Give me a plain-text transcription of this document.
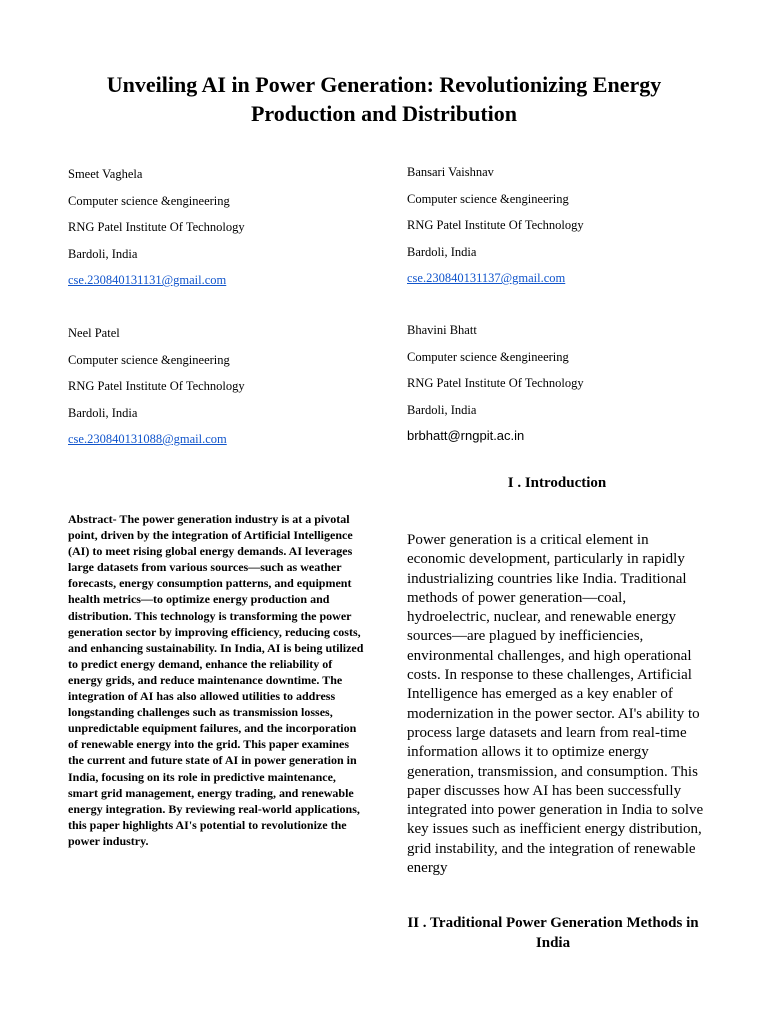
Unveiling AI in Power Generation: Revolutionizing Energy Production and Distribution
Smeet Vaghela
Computer science &engineering
RNG Patel Institute Of Technology
Bardoli, India
cse.230840131131@gmail.com
Bansari Vaishnav
Computer science &engineering
RNG Patel Institute Of Technology
Bardoli, India
cse.230840131137@gmail.com
Neel Patel
Computer science &engineering
RNG Patel Institute Of Technology
Bardoli, India
cse.230840131088@gmail.com
Bhavini Bhatt
Computer science &engineering
RNG Patel Institute Of Technology
Bardoli, India
brbhatt@rngpit.ac.in
I . Introduction
Abstract- The power generation industry is at a pivotal point, driven by the integration of Artificial Intelligence (AI) to meet rising global energy demands. AI leverages large datasets from various sources—such as weather forecasts, energy consumption patterns, and equipment health metrics—to optimize energy production and distribution. This technology is transforming the power generation sector by improving efficiency, reducing costs, and enhancing sustainability. In India, AI is being utilized to predict energy demand, enhance the reliability of energy grids, and reduce maintenance downtime. The integration of AI has also allowed utilities to address longstanding challenges such as transmission losses, unpredictable equipment failures, and the incorporation of renewable energy into the grid. This paper examines the current and future state of AI in power generation in India, focusing on its role in predictive maintenance, smart grid management, energy trading, and renewable energy integration. By reviewing real-world applications, this paper highlights AI's potential to revolutionize the power industry.
Power generation is a critical element in economic development, particularly in rapidly industrializing countries like India. Traditional methods of power generation—coal, hydroelectric, nuclear, and renewable energy sources—are plagued by inefficiencies, environmental challenges, and high operational costs. In response to these challenges, Artificial Intelligence has emerged as a key enabler of modernization in the power sector. AI's ability to process large datasets and learn from real-time information allows it to optimize energy generation, transmission, and consumption. This paper discusses how AI has been successfully integrated into power generation in India to solve key issues such as inefficient energy distribution, grid instability, and the integration of renewable energy
II . Traditional Power Generation Methods in India
